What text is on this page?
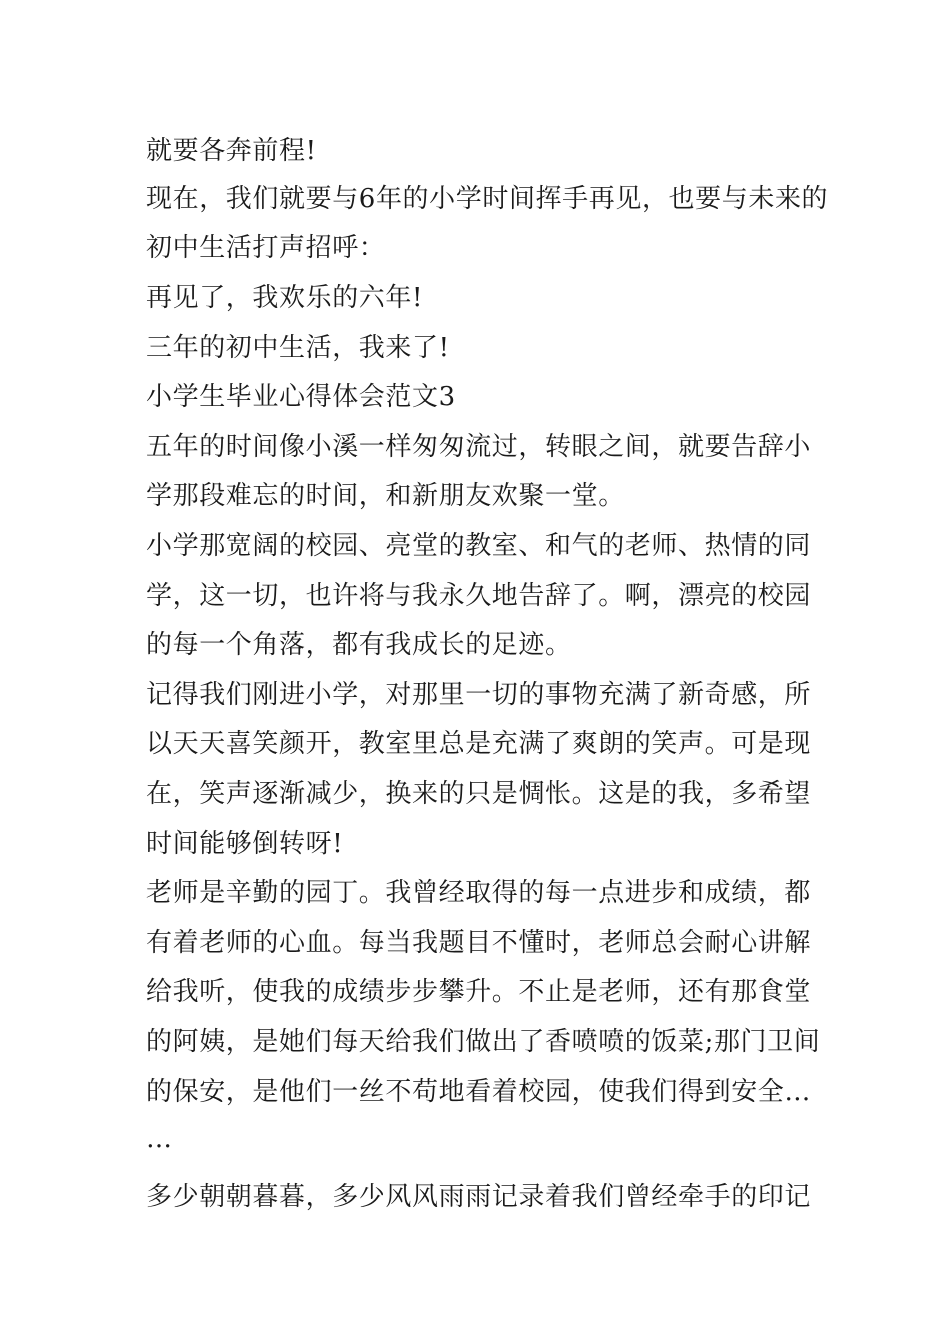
就要各奔前程!
现在，我们就要与6年的小学时间挥手再见，也要与未来的
初中生活打声招呼：
再见了，我欢乐的六年!
三年的初中生活，我来了!
小学生毕业心得体会范文3
五年的时间像小溪一样匆匆流过，转眼之间，就要告辞小
学那段难忘的时间，和新朋友欢聚一堂。
小学那宽阔的校园、亮堂的教室、和气的老师、热情的同
学，这一切，也许将与我永久地告辞了。啊，漂亮的校园
的每一个角落，都有我成长的足迹。
记得我们刚进小学，对那里一切的事物充满了新奇感，所
以天天喜笑颜开，教室里总是充满了爽朗的笑声。可是现
在，笑声逐渐减少，换来的只是惆怅。这是的我，多希望
时间能够倒转呀!
老师是辛勤的园丁。我曾经取得的每一点进步和成绩，都
有着老师的心血。每当我题目不懂时，老师总会耐心讲解
给我听，使我的成绩步步攀升。不止是老师，还有那食堂
的阿姨，是她们每天给我们做出了香喷喷的饭菜;那门卫间
的保安，是他们一丝不苟地看着校园，使我们得到安全…
…
多少朝朝暮暮，多少风风雨雨记录着我们曾经牵手的印记
